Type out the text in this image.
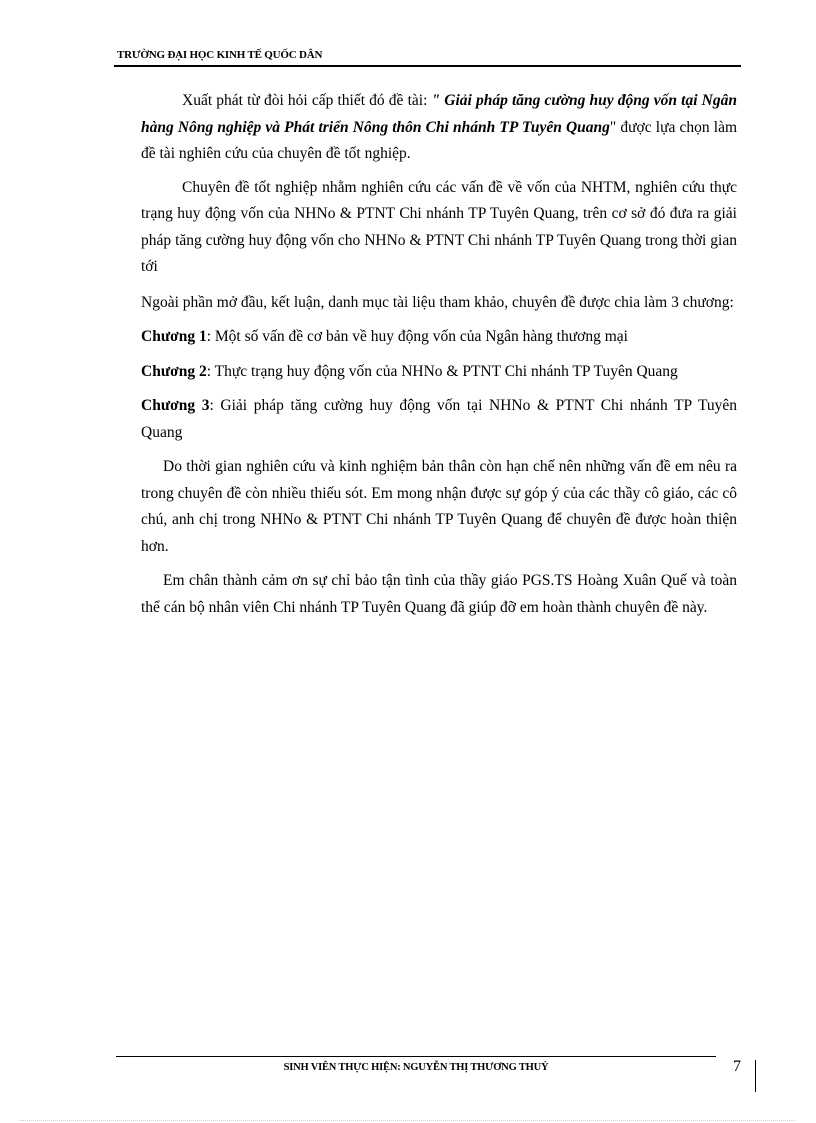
TRƯỜNG ĐẠI HỌC KINH TẾ QUỐC DÂN

Xuất phát từ đòi hỏi cấp thiết đó đề tài: " Giải pháp tăng cường huy động vốn tại Ngân hàng Nông nghiệp và Phát triển Nông thôn Chi nhánh TP Tuyên Quang" được lựa chọn làm đề tài nghiên cứu của chuyên đề tốt nghiệp.

Chuyên đề tốt nghiệp nhằm nghiên cứu các vấn đề về vốn của NHTM, nghiên cứu thực trạng huy động vốn của NHNo & PTNT Chi nhánh TP Tuyên Quang, trên cơ sở đó đưa ra giải pháp tăng cường huy động vốn cho NHNo & PTNT Chi nhánh TP Tuyên Quang trong thời gian tới

Ngoài phần mở đầu, kết luận, danh mục tài liệu tham khảo, chuyên đề được chia làm 3 chương:

Chương 1: Một số vấn đề cơ bản về huy động vốn của Ngân hàng thương mại

Chương 2: Thực trạng huy động vốn của NHNo & PTNT Chi nhánh TP Tuyên Quang

Chương 3: Giải pháp tăng cường huy động vốn tại NHNo & PTNT Chi nhánh TP Tuyên Quang

Do thời gian nghiên cứu và kinh nghiệm bản thân còn hạn chế nên những vấn đề em nêu ra trong chuyên đề còn nhiều thiếu sót. Em mong nhận được sự góp ý của các thầy cô giáo, các cô chú, anh chị trong NHNo & PTNT Chi nhánh TP Tuyên Quang để chuyên đề được hoàn thiện hơn.

Em chân thành cảm ơn sự chỉ bảo tận tình của thầy giáo PGS.TS Hoàng Xuân Quế và toàn thể cán bộ nhân viên Chi nhánh TP Tuyên Quang đã giúp đỡ em hoàn thành chuyên đề này.

SINH VIÊN THỰC HIỆN: NGUYỄN THỊ THƯƠNG THUỶ	7
